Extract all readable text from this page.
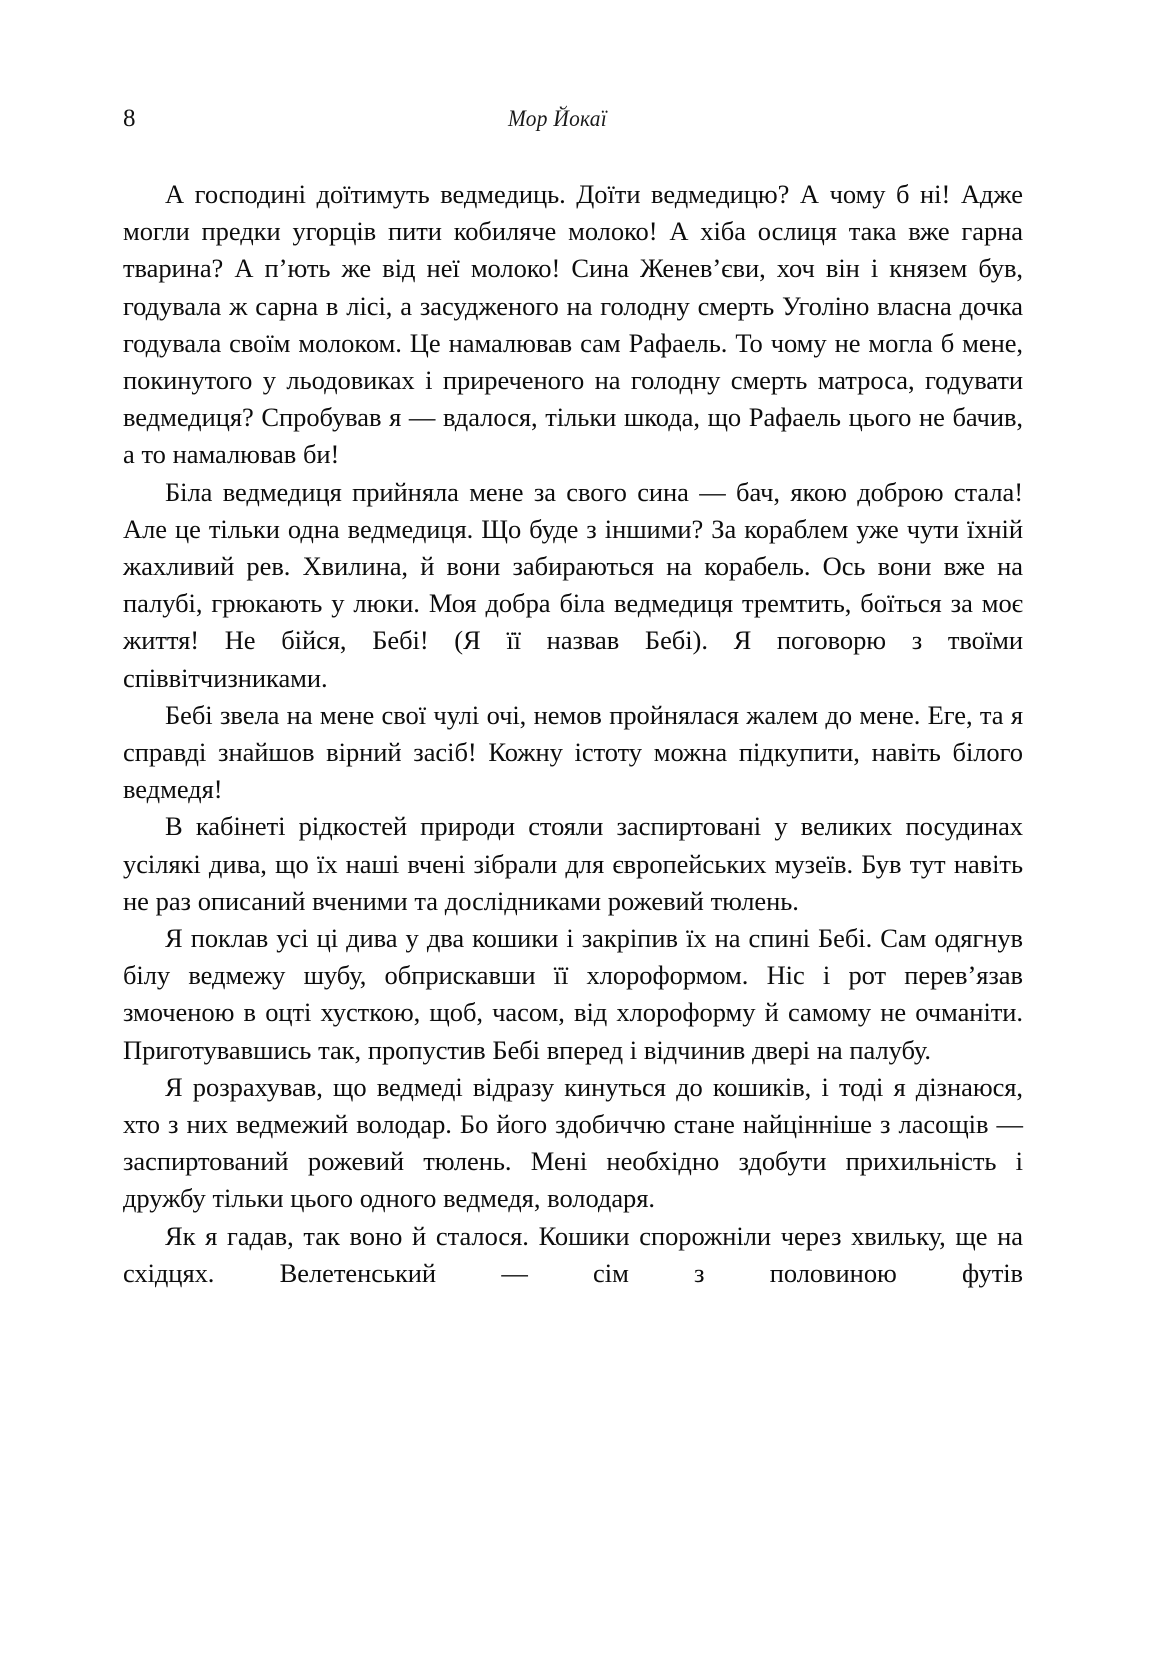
8	Мор Йокаї

А господині доїтимуть ведмедиць. Доїти ведмедицю? А чому б ні! Адже могли предки угорців пити кобиляче молоко! А хіба ослиця така вже гарна тварина? А п’ють же від неї молоко! Сина Женев’єви, хоч він і князем був, годувала ж сарна в лісі, а засудженого на голодну смерть Уголіно власна дочка годувала своїм молоком. Це намалював сам Рафаель. То чому не могла б мене, покинутого у льодовиках і приреченого на голодну смерть матроса, годувати ведмедиця? Спробував я — вдалося, тільки шкода, що Рафаель цього не бачив, а то намалював би!

Біла ведмедиця прийняла мене за свого сина — бач, якою доброю стала! Але це тільки одна ведмедиця. Що буде з іншими? За кораблем уже чути їхній жахливий рев. Хвилина, й вони забираються на корабель. Ось вони вже на палубі, грюкають у люки. Моя добра біла ведмедиця тремтить, боїться за моє життя! Не бійся, Бебі! (Я її назвав Бебі). Я поговорю з твоїми співвітчизниками.

Бебі звела на мене свої чулі очі, немов пройнялася жалем до мене. Еге, та я справді знайшов вірний засіб! Кожну істоту можна підкупити, навіть білого ведмедя!

В кабінеті рідкостей природи стояли заспиртовані у великих посудинах усілякі дива, що їх наші вчені зібрали для європейських музеїв. Був тут навіть не раз описаний вченими та дослідниками рожевий тюлень.

Я поклав усі ці дива у два кошики і закріпив їх на спині Бебі. Сам одягнув білу ведмежу шубу, обприскавши її хлороформом. Ніс і рот перев’язав змоченою в оцті хусткою, щоб, часом, від хлороформу й самому не очманіти. Приготувавшись так, пропустив Бебі вперед і відчинив двері на палубу.

Я розрахував, що ведмеді відразу кинуться до кошиків, і тоді я дізнаюся, хто з них ведмежий володар. Бо його здобиччю стане найцінніше з ласощів — заспиртований рожевий тюлень. Мені необхідно здобути прихильність і дружбу тільки цього одного ведмедя, володаря.

Як я гадав, так воно й сталося. Кошики спорожніли через хвильку, ще на східцях. Велетенський — сім з половиною футів
